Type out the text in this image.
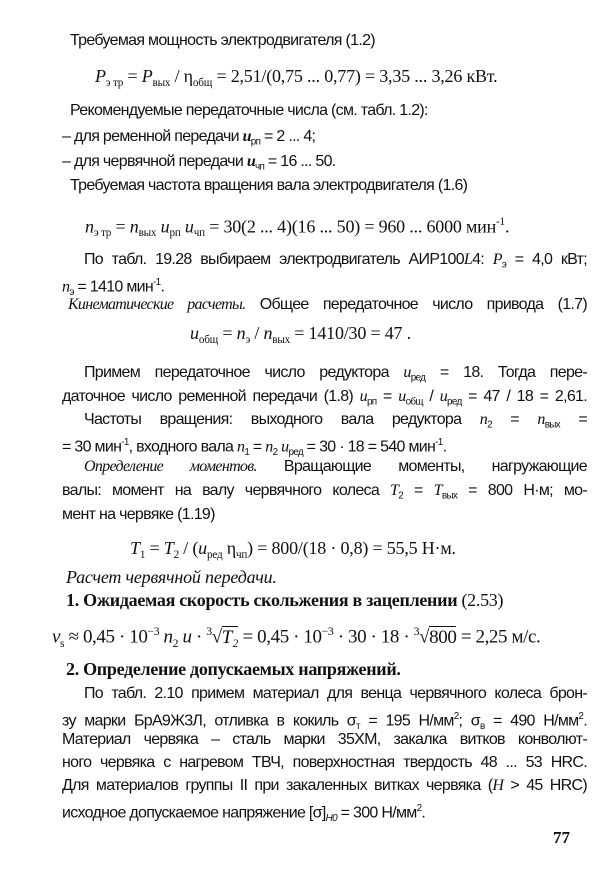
Требуемая мощность электродвигателя (1.2)
$P_{э тр} = P_{вых} / \eta_{общ} = 2,51/(0,75$ ... 0,77) = 3,35 ... 3,26 кВт.
Рекомендуемые передаточные числа (см. табл. 1.2):
– для ременной передачи $u_{рп} = 2$ ... 4;
– для червячной передачи $u_{чп} = 16$ ... 50.
Требуемая частота вращения вала электродвигателя (1.6)
$n_{э тр} = n_{вых}$ $u_{рп}$ $u_{чп} = 30(2$ ... 4)(16 ... 50) = 960 ... 6000 мин$^{-1}$.
По табл. 19.28 выбираем электродвигатель АИР100L4: $P_э = 4,0$ кВт;
$n_э = 1410$ мин$^{-1}$.
Кинематические расчеты. Общее передаточное число привода (1.7)
$u_{общ} = n_э / n_{вых} = 1410/30 = 47$ .
Примем передаточное число редуктора $u_{ред} = 18$. Тогда пере-
даточное число ременной передачи (1.8) $u_{рп} = u_{общ} / u_{ред} = 47 / 18 = 2,61$.
Частоты вращения: выходного вала редуктора $n_2 = n_{вых}$ =
= 30 мин$^{-1}$, входного вала $n_1 = n_2$ $u_{ред} = 30 \cdot 18 = 540$ мин$^{-1}$.
Определение моментов. Вращающие моменты, нагружающие
валы: момент на валу червячного колеса $T_2 = T_{вых} = 800$ Н·м; мо-
мент на червяке (1.19)
$T_1 = T_2 / (u_{ред}$ $\eta_{чп}) = 800/(18 \cdot 0,8) = 55,5$ Н·м.
Расчет червячной передачи.
1. Ожидаемая скорость скольжения в зацеплении (2.53)
$v_s \approx 0,45 \cdot 10^{-3}$ $n_2$ $u \cdot ^3√T_2 = 0,45 \cdot 10^{-3} \cdot 30 \cdot 18 \cdot ^3√800 = 2,25$ м/с.
2. Определение допускаемых напряжений.
По табл. 2.10 примем материал для венца червячного колеса брон-
зу марки БрА9Ж3Л, отливка в кокиль $\sigma_т = 195$ $Н/мм^2$; $\sigma_в = 490$ $Н/мм^2$.
Материал червяка – сталь марки 35ХМ, закалка витков конволют-
ного червяка с нагревом ТВЧ, поверхностная твердость 48 ... 53 HRC.
Для материалов группы II при закаленных витках червяка (H > 45 HRC)
исходное допускаемое напряжение $[\sigma]_{H0} = 300$ $Н/мм^2$.
77
